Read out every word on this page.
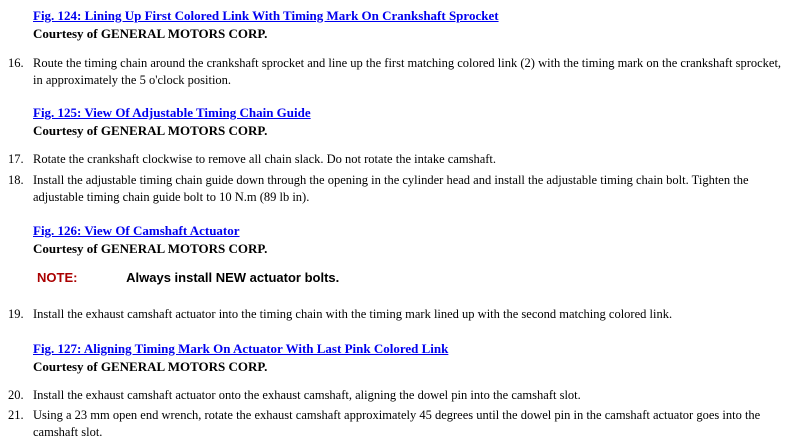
Fig. 124: Lining Up First Colored Link With Timing Mark On Crankshaft Sprocket
Courtesy of GENERAL MOTORS CORP.
16. Route the timing chain around the crankshaft sprocket and line up the first matching colored link (2) with the timing mark on the crankshaft sprocket, in approximately the 5 o'clock position.
Fig. 125: View Of Adjustable Timing Chain Guide
Courtesy of GENERAL MOTORS CORP.
17. Rotate the crankshaft clockwise to remove all chain slack. Do not rotate the intake camshaft.
18. Install the adjustable timing chain guide down through the opening in the cylinder head and install the adjustable timing chain bolt. Tighten the adjustable timing chain guide bolt to 10 N.m (89 lb in).
Fig. 126: View Of Camshaft Actuator
Courtesy of GENERAL MOTORS CORP.
NOTE:	Always install NEW actuator bolts.
19. Install the exhaust camshaft actuator into the timing chain with the timing mark lined up with the second matching colored link.
Fig. 127: Aligning Timing Mark On Actuator With Last Pink Colored Link
Courtesy of GENERAL MOTORS CORP.
20. Install the exhaust camshaft actuator onto the exhaust camshaft, aligning the dowel pin into the camshaft slot.
21. Using a 23 mm open end wrench, rotate the exhaust camshaft approximately 45 degrees until the dowel pin in the camshaft actuator goes into the camshaft slot.
